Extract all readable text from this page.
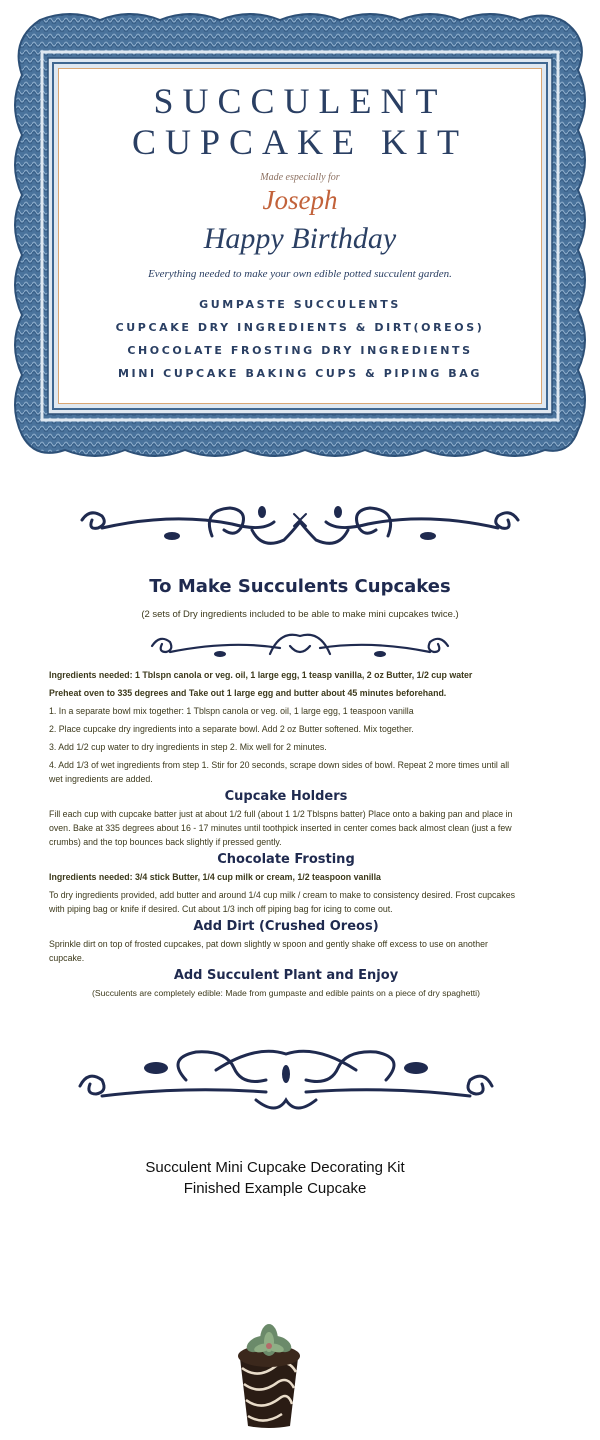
SUCCULENT
CUPCAKE KIT
Made especially for
Joseph
Happy Birthday
Everything needed to make your own edible potted succulent garden.
GUMPASTE SUCCULENTS
CUPCAKE DRY INGREDIENTS & DIRT(OREOS)
CHOCOLATE FROSTING DRY INGREDIENTS
MINI CUPCAKE BAKING CUPS & PIPING BAG
To Make Succulents Cupcakes
(2 sets of Dry ingredients included to be able to make mini cupcakes twice.)

Ingredients needed: 1 Tblspn canola or veg. oil, 1 large egg, 1 teasp vanilla, 2 oz Butter, 1/2 cup water

Preheat oven to 335 degrees and Take out 1 large egg and butter about 45 minutes beforehand.

1. In a separate bowl mix together: 1 Tblspn canola or veg. oil, 1 large egg, 1 teaspoon vanilla

2. Place cupcake dry ingredients into a separate bowl. Add 2 oz Butter softened. Mix together.

3. Add 1/2 cup water to dry ingredients in step 2. Mix well for 2 minutes.

4. Add 1/3 of wet ingredients from step 1. Stir for 20 seconds, scrape down sides of bowl. Repeat 2 more times until all wet ingredients are added.

Cupcake Holders

Fill each cup with cupcake batter just at about 1/2 full (about 1 1/2 Tblspns batter) Place onto a baking pan and place in oven. Bake at 335 degrees about 16 - 17 minutes until toothpick inserted in center comes back almost clean (just a few crumbs) and the top bounces back slightly if pressed gently.

Chocolate Frosting

Ingredients needed: 3/4 stick Butter, 1/4 cup milk or cream, 1/2 teaspoon vanilla

To dry ingredients provided, add butter and around 1/4 cup milk / cream to make to consistency desired. Frost cupcakes with piping bag or knife if desired. Cut about 1/3 inch off piping bag for icing to come out.

Add Dirt (Crushed Oreos)

Sprinkle dirt on top of frosted cupcakes, pat down slightly w spoon and gently shake off excess to use on another cupcake.

Add Succulent Plant and Enjoy

(Succulents are completely edible: Made from gumpaste and edible paints on a piece of dry spaghetti)

Succulent Mini Cupcake Decorating Kit
Finished Example Cupcake
